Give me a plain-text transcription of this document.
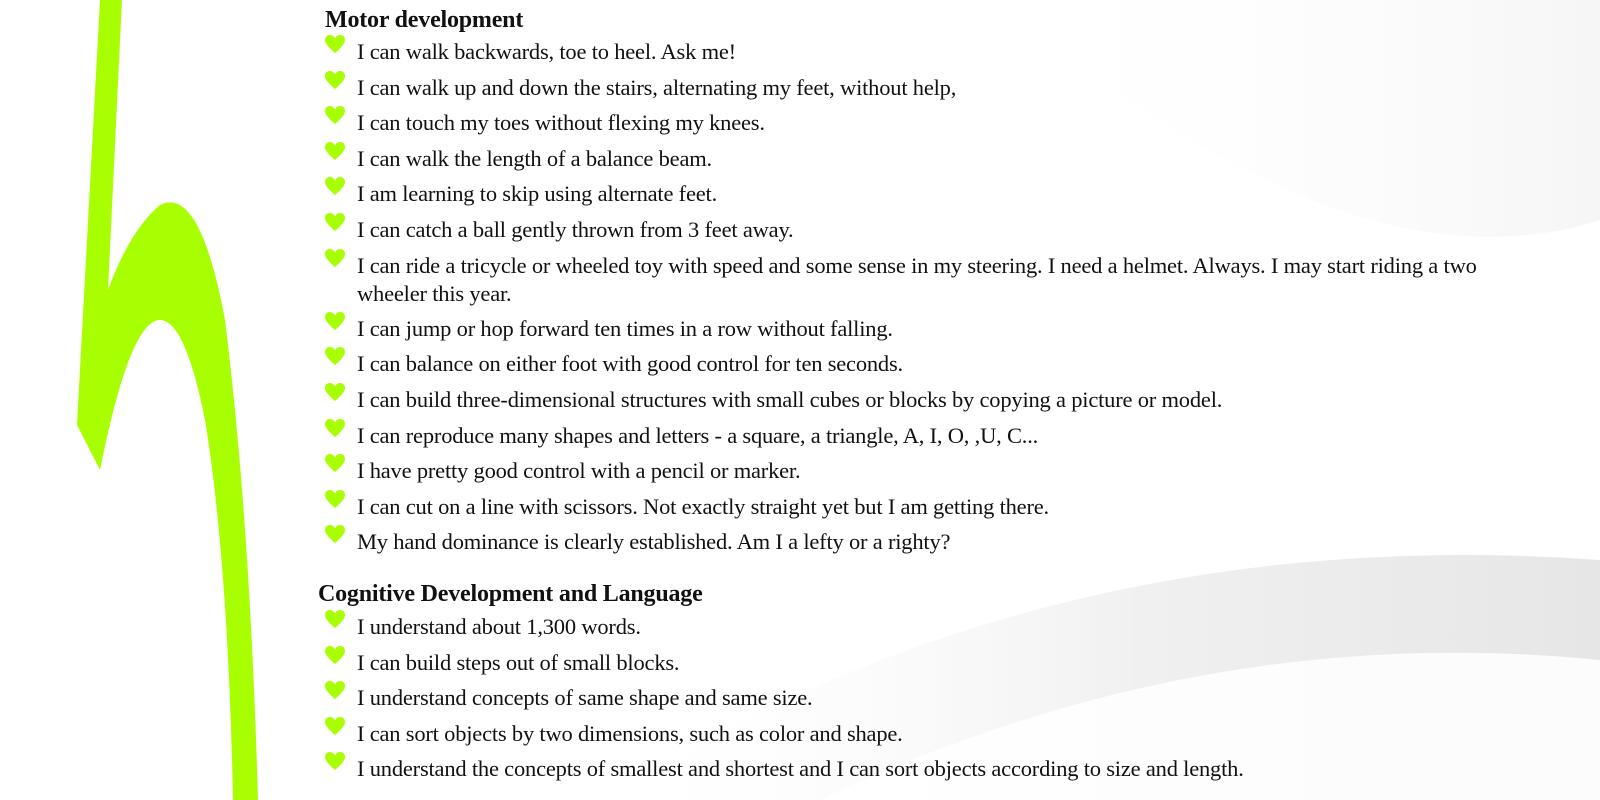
Motor development
I can walk backwards, toe to heel. Ask me!
I can walk up and down the stairs, alternating my feet, without help,
I can touch my toes without flexing my knees.
I can walk the length of a balance beam.
I am learning to skip using alternate feet.
I can catch a ball gently thrown from 3 feet away.
I can ride a tricycle or wheeled toy with speed and some sense in my steering. I need a helmet. Always. I may start riding a two wheeler this year.
I can jump or hop forward ten times in a row without falling.
I can balance on either foot with good control for ten seconds.
I can build three-dimensional structures with small cubes or blocks by copying a picture or model.
I can reproduce many shapes and letters - a square, a triangle, A, I, O, ,U, C...
I have pretty good control with a pencil or marker.
I can cut on a line with scissors. Not exactly straight yet but I am getting there.
My hand dominance is clearly established. Am I a lefty or a righty?
Cognitive Development and Language
I understand about 1,300 words.
I can build steps out of small blocks.
I understand concepts of same shape and same size.
I can sort objects by two dimensions, such as color and shape.
I understand the concepts of smallest and shortest and I can sort objects according to size and length.
